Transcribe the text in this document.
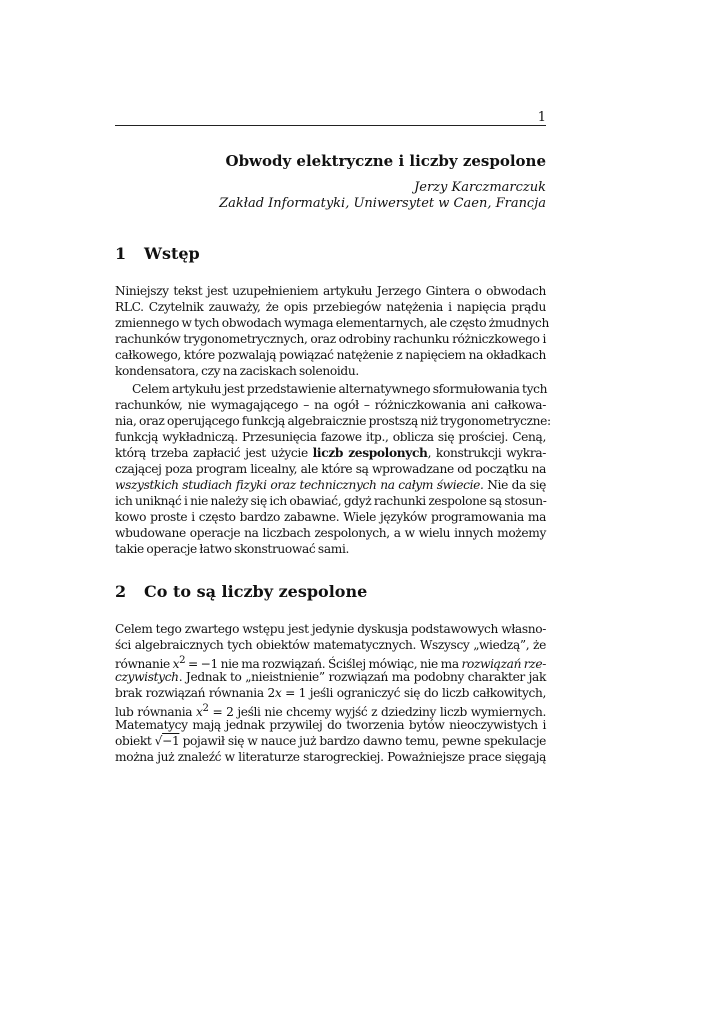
1
Obwody elektryczne i liczby zespolone
Jerzy Karczmarczuk
Zakład Informatyki, Uniwersytet w Caen, Francja
1 Wstęp
Niniejszy tekst jest uzupełnieniem artykułu Jerzego Gintera o obwodach
RLC. Czytelnik zauważy, że opis przebiegów natężenia i napięcia prądu
zmiennego w tych obwodach wymaga elementarnych, ale często żmudnych
rachunków trygonometrycznych, oraz odrobiny rachunku różniczkowego i
całkowego, które pozwalają powiązać natężenie z napięciem na okładkach
kondensatora, czy na zaciskach solenoidu.
Celem artykułu jest przedstawienie alternatywnego sformułowania tych
rachunków, nie wymagającego – na ogół – różniczkowania ani całkowa-
nia, oraz operującego funkcją algebraicznie prostszą niż trygonometryczne:
funkcją wykładniczą. Przesunięcia fazowe itp., oblicza się prościej. Ceną,
którą trzeba zapłacić jest użycie liczb zespolonych, konstrukcji wykra-
czającej poza program licealny, ale które są wprowadzane od początku na
wszystkich studiach fizyki oraz technicznych na całym świecie. Nie da się
ich uniknąć i nie należy się ich obawiać, gdyż rachunki zespolone są stosun-
kowo proste i często bardzo zabawne. Wiele języków programowania ma
wbudowane operacje na liczbach zespolonych, a w wielu innych możemy
takie operacje łatwo skonstruować sami.
2 Co to są liczby zespolone
Celem tego zwartego wstępu jest jedynie dyskusja podstawowych własno-
ści algebraicznych tych obiektów matematycznych. Wszyscy „wiedzą”, że
równanie $x^2 = -1$ nie ma rozwiązań. Ściślej mówiąc, nie ma rozwiązań rze-
czywistych. Jednak to „nieistnienie” rozwiązań ma podobny charakter jak
brak rozwiązań równania 2x = 1 jeśli ograniczyć się do liczb całkowitych,
lub równania $x^2 = 2$ jeśli nie chcemy wyjść z dziedziny liczb wymiernych.
Matematycy mają jednak przywilej do tworzenia bytów nieoczywistych i
obiekt √−1 pojawił się w nauce już bardzo dawno temu, pewne spekulacje
można już znaleźć w literaturze starogreckiej. Poważniejsze prace sięgają
